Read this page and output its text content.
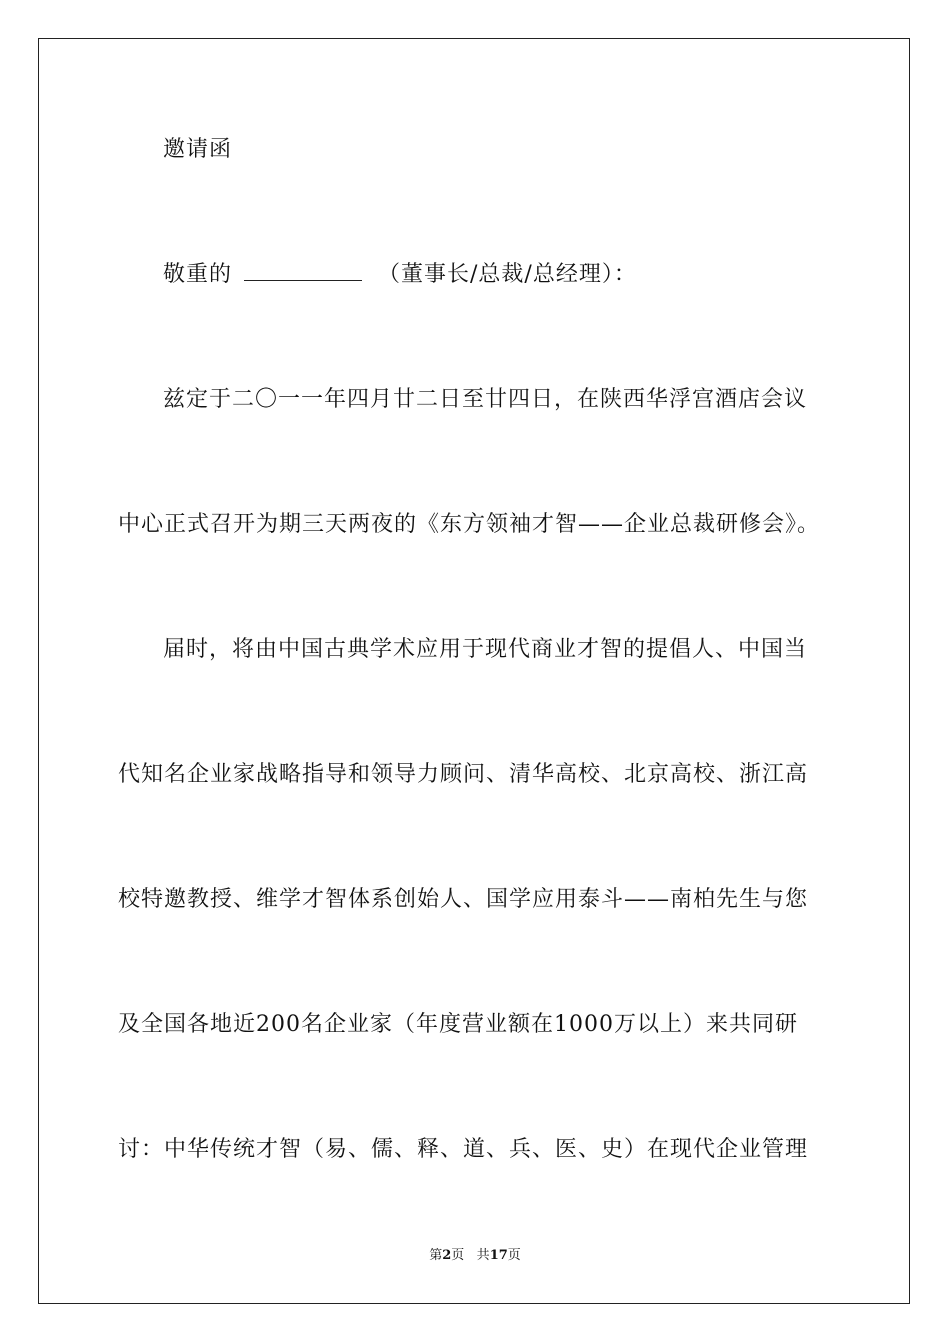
邀请函
敬重的	（董事长/总裁/总经理）：
兹定于二〇一一年四月廿二日至廿四日，在陕西华浮宫酒店会议
中心正式召开为期三天两夜的《东方领袖才智——企业总裁研修会》。
届时，将由中国古典学术应用于现代商业才智的提倡人、中国当
代知名企业家战略指导和领导力顾问、清华高校、北京高校、浙江高
校特邀教授、维学才智体系创始人、国学应用泰斗——南柏先生与您
及全国各地近200名企业家（年度营业额在1000万以上）来共同研
讨：中华传统才智（易、儒、释、道、兵、医、史）在现代企业管理
第2页 共17页
